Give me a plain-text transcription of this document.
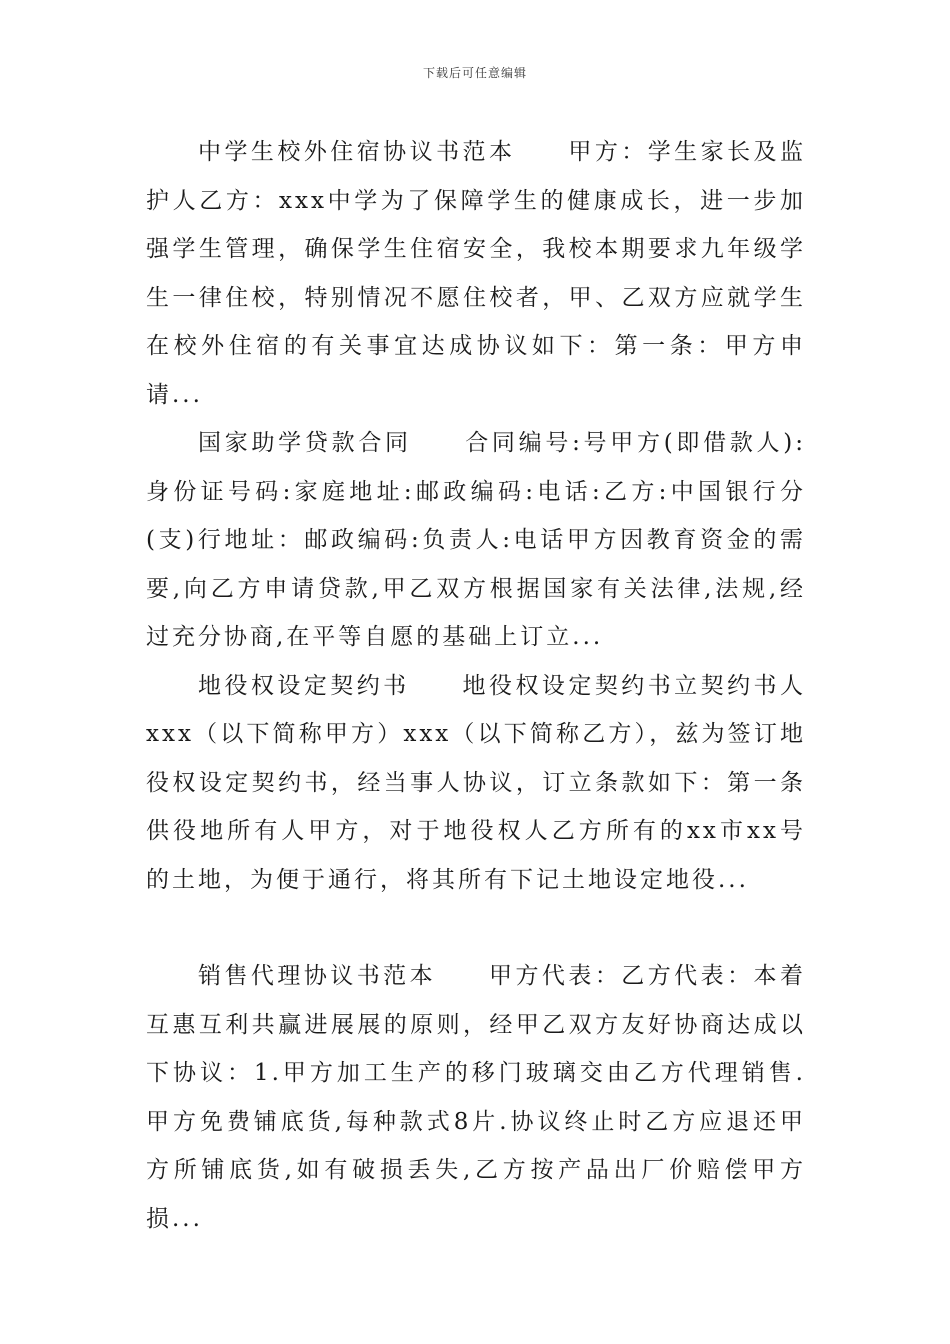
下载后可任意编辑

中学生校外住宿协议书范本　　甲方：学生家长及监护人乙方：xxx中学为了保障学生的健康成长，进一步加强学生管理，确保学生住宿安全，我校本期要求九年级学生一律住校，特别情况不愿住校者，甲、乙双方应就学生在校外住宿的有关事宜达成协议如下：第一条：甲方申请...

国家助学贷款合同　　合同编号:号甲方(即借款人):身份证号码:家庭地址:邮政编码:电话:乙方:中国银行分(支)行地址：邮政编码:负责人:电话甲方因教育资金的需要,向乙方申请贷款,甲乙双方根据国家有关法律,法规,经过充分协商,在平等自愿的基础上订立...

地役权设定契约书　　地役权设定契约书立契约书人xxx（以下简称甲方）xxx（以下简称乙方），兹为签订地役权设定契约书，经当事人协议，订立条款如下：第一条供役地所有人甲方，对于地役权人乙方所有的xx市xx号的土地，为便于通行，将其所有下记土地设定地役...

销售代理协议书范本　　甲方代表：乙方代表：本着互惠互利共赢进展展的原则，经甲乙双方友好协商达成以下协议：1.甲方加工生产的移门玻璃交由乙方代理销售.甲方免费铺底货,每种款式8片.协议终止时乙方应退还甲方所铺底货,如有破损丢失,乙方按产品出厂价赔偿甲方损...
